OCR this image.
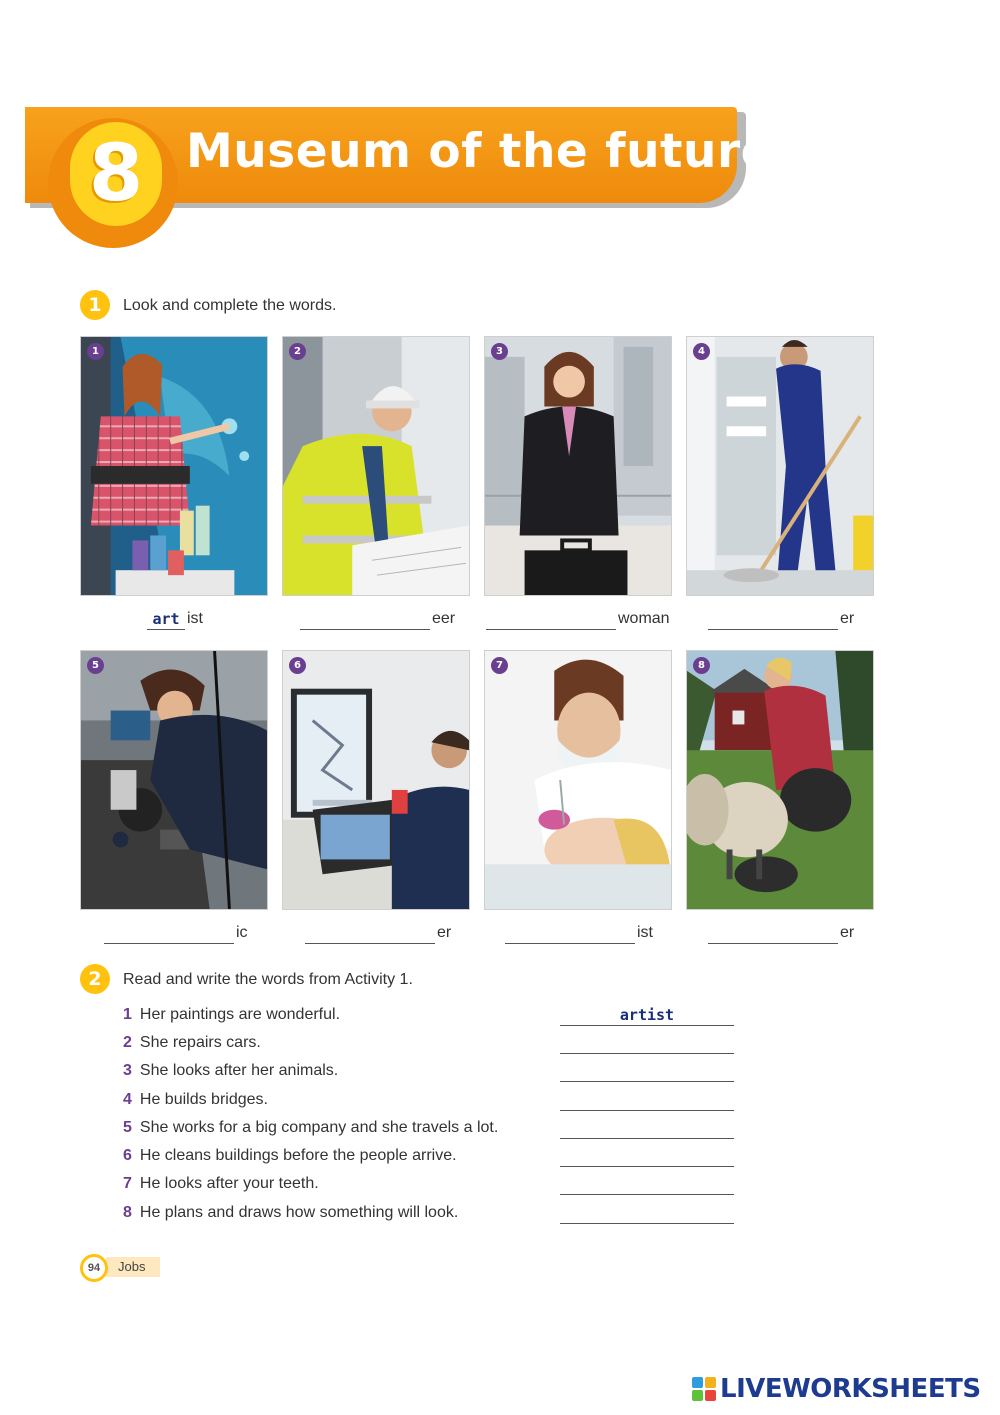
8 Museum of the future
1	Look and complete the words.
1	2	3	4
5	6	7	8
art ist	eer	woman	er
ic	er	ist	er
2	Read and write the words from Activity 1.
1 Her paintings are wonderful.	artist
2 She repairs cars.
3 She looks after her animals.
4 He builds bridges.
5 She works for a big company and she travels a lot.
6 He cleans buildings before the people arrive.
7 He looks after your teeth.
8 He plans and draws how something will look.
Jobs
94
LIVEWORKSHEETS
